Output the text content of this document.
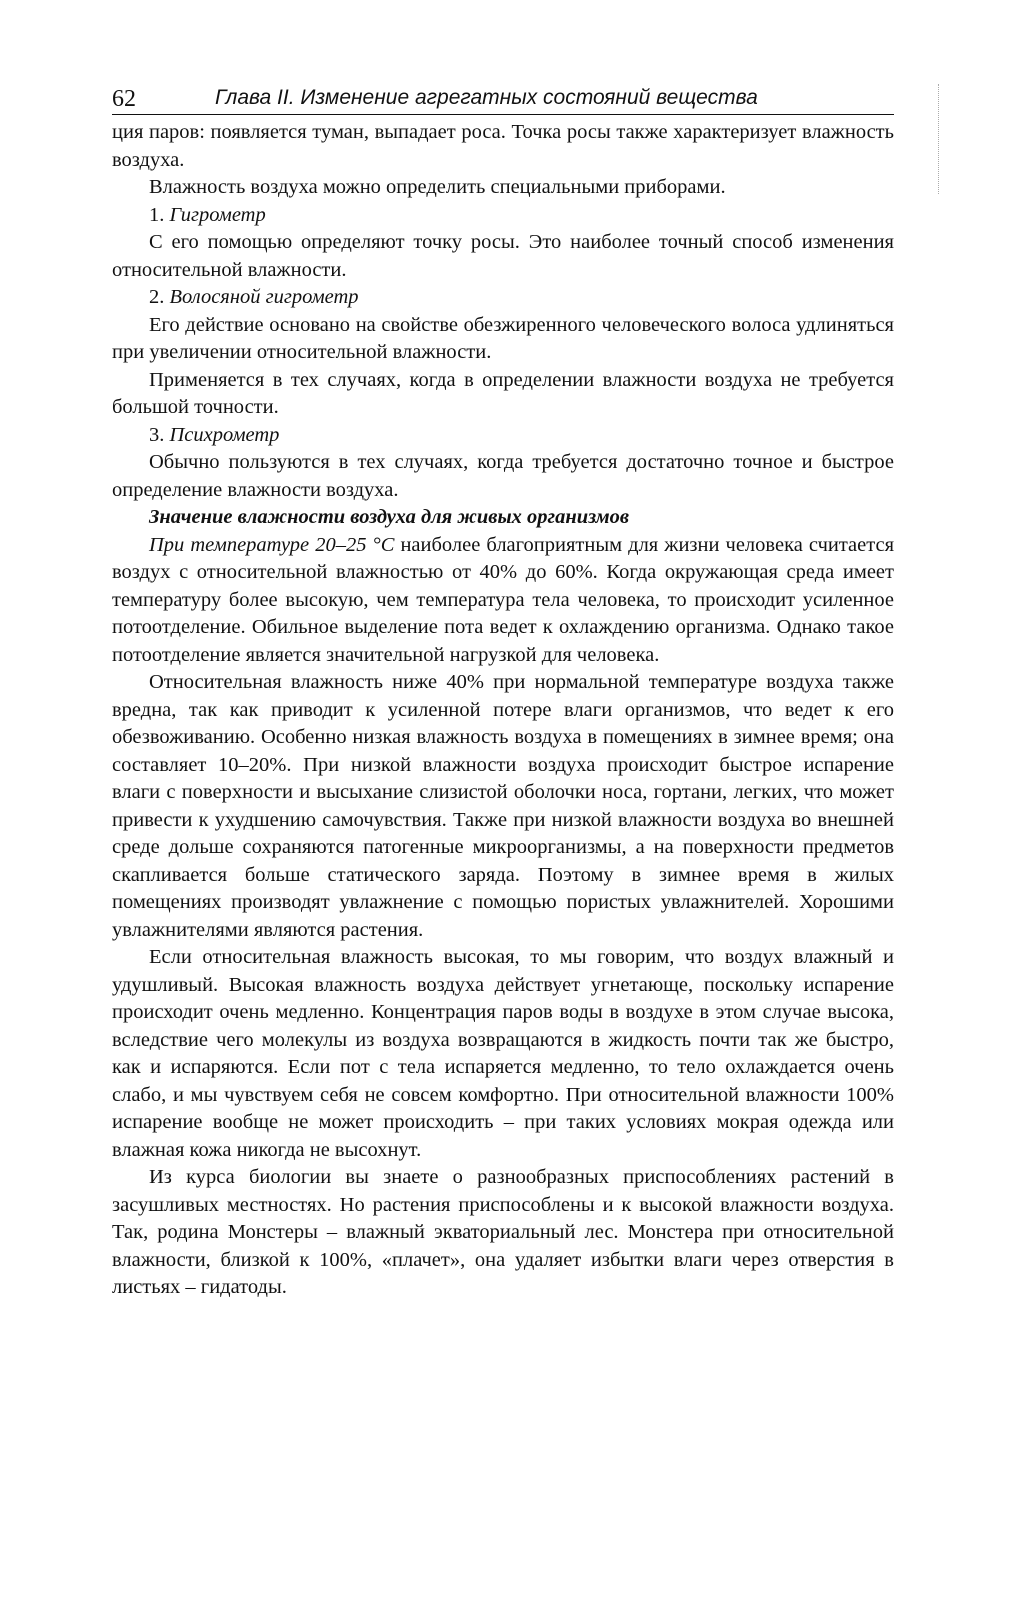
62	Глава II. Изменение агрегатных состояний вещества

ция паров: появляется туман, выпадает роса. Точка росы также характеризует влажность воздуха.

Влажность воздуха можно определить специальными приборами.

1. Гигрометр

С его помощью определяют точку росы. Это наиболее точный способ изменения относительной влажности.

2. Волосяной гигрометр

Его действие основано на свойстве обезжиренного человеческого волоса удлиняться при увеличении относительной влажности.

Применяется в тех случаях, когда в определении влажности воздуха не требуется большой точности.

3. Психрометр

Обычно пользуются в тех случаях, когда требуется достаточно точное и быстрое определение влажности воздуха.

Значение влажности воздуха для живых организмов

При температуре 20–25 °С наиболее благоприятным для жизни человека считается воздух с относительной влажностью от 40% до 60%. Когда окружающая среда имеет температуру более высокую, чем температура тела человека, то происходит усиленное потоотделение. Обильное выделение пота ведет к охлаждению организма. Однако такое потоотделение является значительной нагрузкой для человека.

Относительная влажность ниже 40% при нормальной температуре воздуха также вредна, так как приводит к усиленной потере влаги организмов, что ведет к его обезвоживанию. Особенно низкая влажность воздуха в помещениях в зимнее время; она составляет 10–20%. При низкой влажности воздуха происходит быстрое испарение влаги с поверхности и высыхание слизистой оболочки носа, гортани, легких, что может привести к ухудшению самочувствия. Также при низкой влажности воздуха во внешней среде дольше сохраняются патогенные микроорганизмы, а на поверхности предметов скапливается больше статического заряда. Поэтому в зимнее время в жилых помещениях производят увлажнение с помощью пористых увлажнителей. Хорошими увлажнителями являются растения.

Если относительная влажность высокая, то мы говорим, что воздух влажный и удушливый. Высокая влажность воздуха действует угнетающе, поскольку испарение происходит очень медленно. Концентрация паров воды в воздухе в этом случае высока, вследствие чего молекулы из воздуха возвращаются в жидкость почти так же быстро, как и испаряются. Если пот с тела испаряется медленно, то тело охлаждается очень слабо, и мы чувствуем себя не совсем комфортно. При относительной влажности 100% испарение вообще не может происходить – при таких условиях мокрая одежда или влажная кожа никогда не высохнут.

Из курса биологии вы знаете о разнообразных приспособлениях растений в засушливых местностях. Но растения приспособлены и к высокой влажности воздуха. Так, родина Монстеры – влажный экваториальный лес. Монстера при относительной влажности, близкой к 100%, «плачет», она удаляет избытки влаги через отверстия в листьях – гидатоды.
